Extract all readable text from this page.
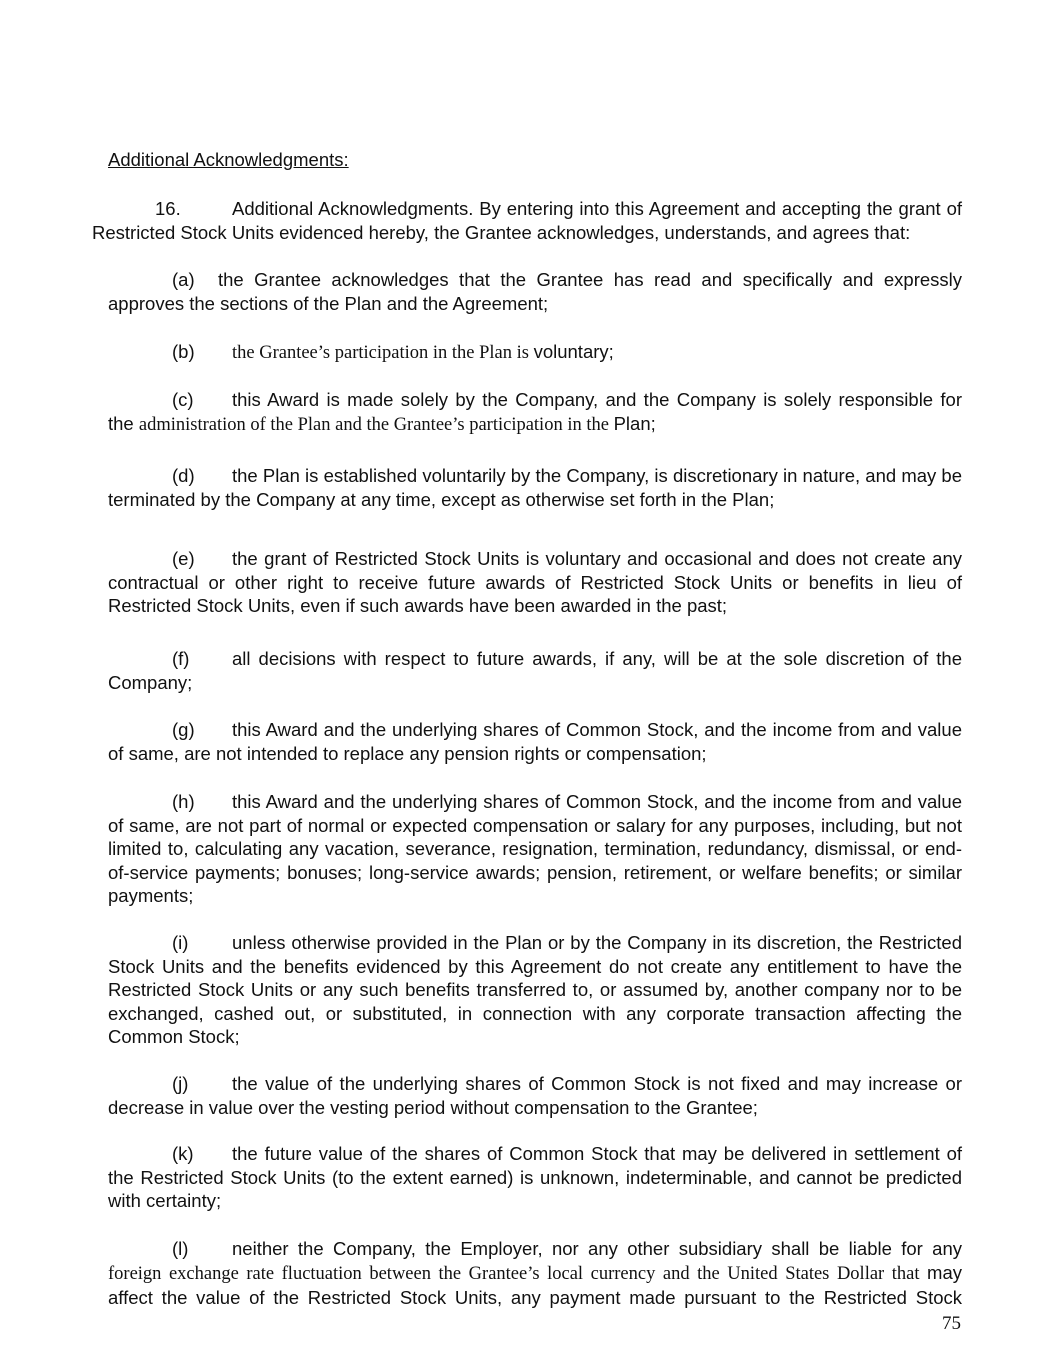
Additional Acknowledgments:
16.	Additional Acknowledgments. By entering into this Agreement and accepting the grant of Restricted Stock Units evidenced hereby, the Grantee acknowledges, understands, and agrees that:
(a) the Grantee acknowledges that the Grantee has read and specifically and expressly approves the sections of the Plan and the Agreement;
(b) the Grantee’s participation in the Plan is voluntary;
(c) this Award is made solely by the Company, and the Company is solely responsible for the administration of the Plan and the Grantee’s participation in the Plan;
(d) the Plan is established voluntarily by the Company, is discretionary in nature, and may be terminated by the Company at any time, except as otherwise set forth in the Plan;
(e) the grant of Restricted Stock Units is voluntary and occasional and does not create any contractual or other right to receive future awards of Restricted Stock Units or benefits in lieu of Restricted Stock Units, even if such awards have been awarded in the past;
(f) all decisions with respect to future awards, if any, will be at the sole discretion of the Company;
(g) this Award and the underlying shares of Common Stock, and the income from and value of same, are not intended to replace any pension rights or compensation;
(h) this Award and the underlying shares of Common Stock, and the income from and value of same, are not part of normal or expected compensation or salary for any purposes, including, but not limited to, calculating any vacation, severance, resignation, termination, redundancy, dismissal, or end-of-service payments; bonuses; long-service awards; pension, retirement, or welfare benefits; or similar payments;
(i) unless otherwise provided in the Plan or by the Company in its discretion, the Restricted Stock Units and the benefits evidenced by this Agreement do not create any entitlement to have the Restricted Stock Units or any such benefits transferred to, or assumed by, another company nor to be exchanged, cashed out, or substituted, in connection with any corporate transaction affecting the Common Stock;
(j) the value of the underlying shares of Common Stock is not fixed and may increase or decrease in value over the vesting period without compensation to the Grantee;
(k) the future value of the shares of Common Stock that may be delivered in settlement of the Restricted Stock Units (to the extent earned) is unknown, indeterminable, and cannot be predicted with certainty;
(l) neither the Company, the Employer, nor any other subsidiary shall be liable for any foreign exchange rate fluctuation between the Grantee’s local currency and the United States Dollar that may affect the value of the Restricted Stock Units, any payment made pursuant to the Restricted Stock
75
